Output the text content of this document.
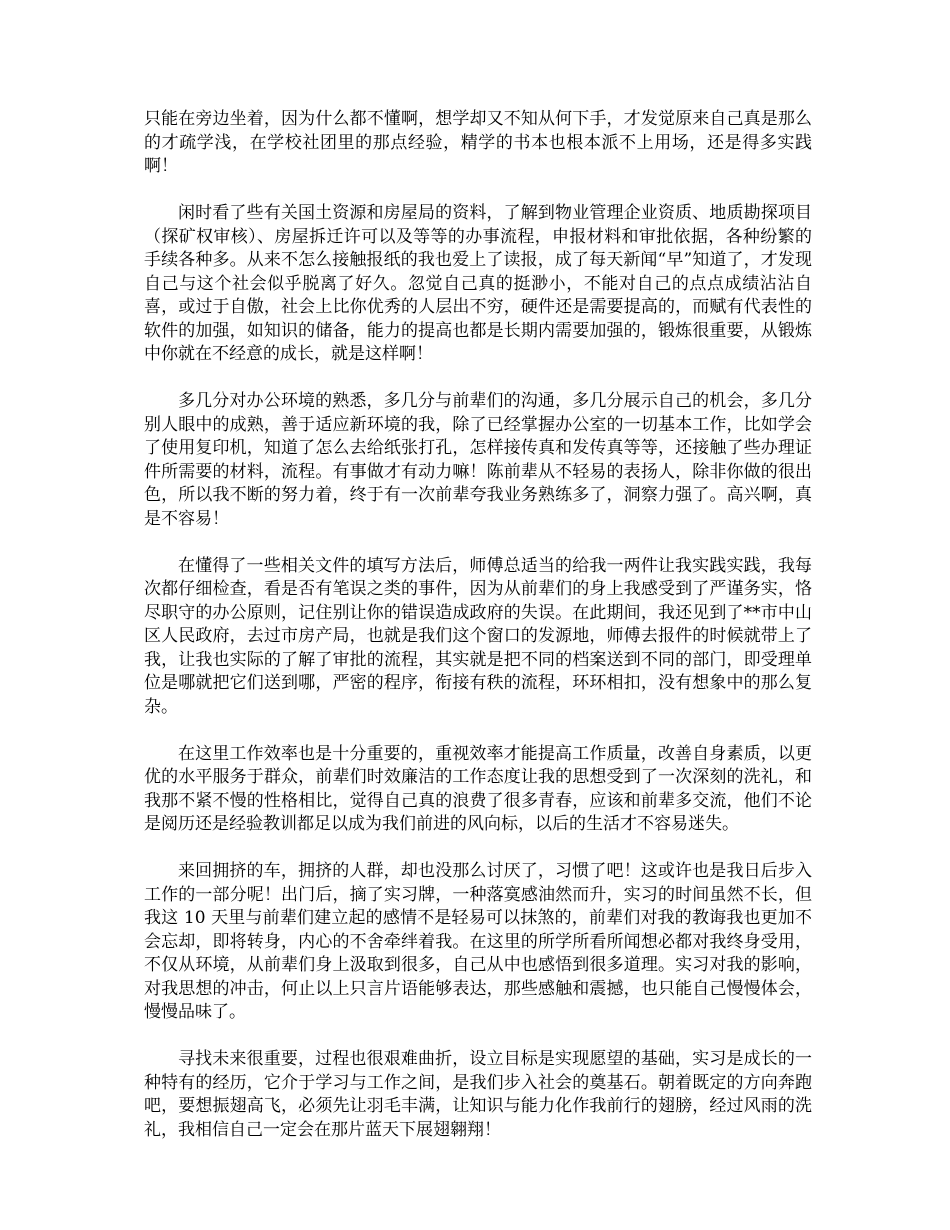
只能在旁边坐着，因为什么都不懂啊，想学却又不知从何下手，才发觉原来自己真是那么的才疏学浅，在学校社团里的那点经验，精学的书本也根本派不上用场，还是得多实践啊！

闲时看了些有关国土资源和房屋局的资料，了解到物业管理企业资质、地质勘探项目（探矿权审核）、房屋拆迁许可以及等等的办事流程，申报材料和审批依据，各种纷繁的手续各种多。从来不怎么接触报纸的我也爱上了读报，成了每天新闻“早”知道了，才发现自己与这个社会似乎脱离了好久。忽觉自己真的挺渺小，不能对自己的点点成绩沾沾自喜，或过于自傲，社会上比你优秀的人层出不穷，硬件还是需要提高的，而赋有代表性的软件的加强，如知识的储备，能力的提高也都是长期内需要加强的，锻炼很重要，从锻炼中你就在不经意的成长，就是这样啊！

多几分对办公环境的熟悉，多几分与前辈们的沟通，多几分展示自己的机会，多几分别人眼中的成熟，善于适应新环境的我，除了已经掌握办公室的一切基本工作，比如学会了使用复印机，知道了怎么去给纸张打孔，怎样接传真和发传真等等，还接触了些办理证件所需要的材料，流程。有事做才有动力嘛！陈前辈从不轻易的表扬人，除非你做的很出色，所以我不断的努力着，终于有一次前辈夸我业务熟练多了，洞察力强了。高兴啊，真是不容易！

在懂得了一些相关文件的填写方法后，师傅总适当的给我一两件让我实践实践，我每次都仔细检查，看是否有笔误之类的事件，因为从前辈们的身上我感受到了严谨务实，恪尽职守的办公原则，记住别让你的错误造成政府的失误。在此期间，我还见到了**市中山区人民政府，去过市房产局，也就是我们这个窗口的发源地，师傅去报件的时候就带上了我，让我也实际的了解了审批的流程，其实就是把不同的档案送到不同的部门，即受理单位是哪就把它们送到哪，严密的程序，衔接有秩的流程，环环相扣，没有想象中的那么复杂。

在这里工作效率也是十分重要的，重视效率才能提高工作质量，改善自身素质，以更优的水平服务于群众，前辈们时效廉洁的工作态度让我的思想受到了一次深刻的洗礼，和我那不紧不慢的性格相比，觉得自己真的浪费了很多青春，应该和前辈多交流，他们不论是阅历还是经验教训都足以成为我们前进的风向标，以后的生活才不容易迷失。

来回拥挤的车，拥挤的人群，却也没那么讨厌了，习惯了吧！这或许也是我日后步入工作的一部分呢！出门后，摘了实习牌，一种落寞感油然而升，实习的时间虽然不长，但我这 10 天里与前辈们建立起的感情不是轻易可以抹煞的，前辈们对我的教诲我也更加不会忘却，即将转身，内心的不舍牵绊着我。在这里的所学所看所闻想必都对我终身受用，不仅从环境，从前辈们身上汲取到很多，自己从中也感悟到很多道理。实习对我的影响，对我思想的冲击，何止以上只言片语能够表达，那些感触和震撼，也只能自己慢慢体会，慢慢品味了。

寻找未来很重要，过程也很艰难曲折，设立目标是实现愿望的基础，实习是成长的一种特有的经历，它介于学习与工作之间，是我们步入社会的奠基石。朝着既定的方向奔跑吧，要想振翅高飞，必须先让羽毛丰满，让知识与能力化作我前行的翅膀，经过风雨的洗礼，我相信自己一定会在那片蓝天下展翅翱翔！
